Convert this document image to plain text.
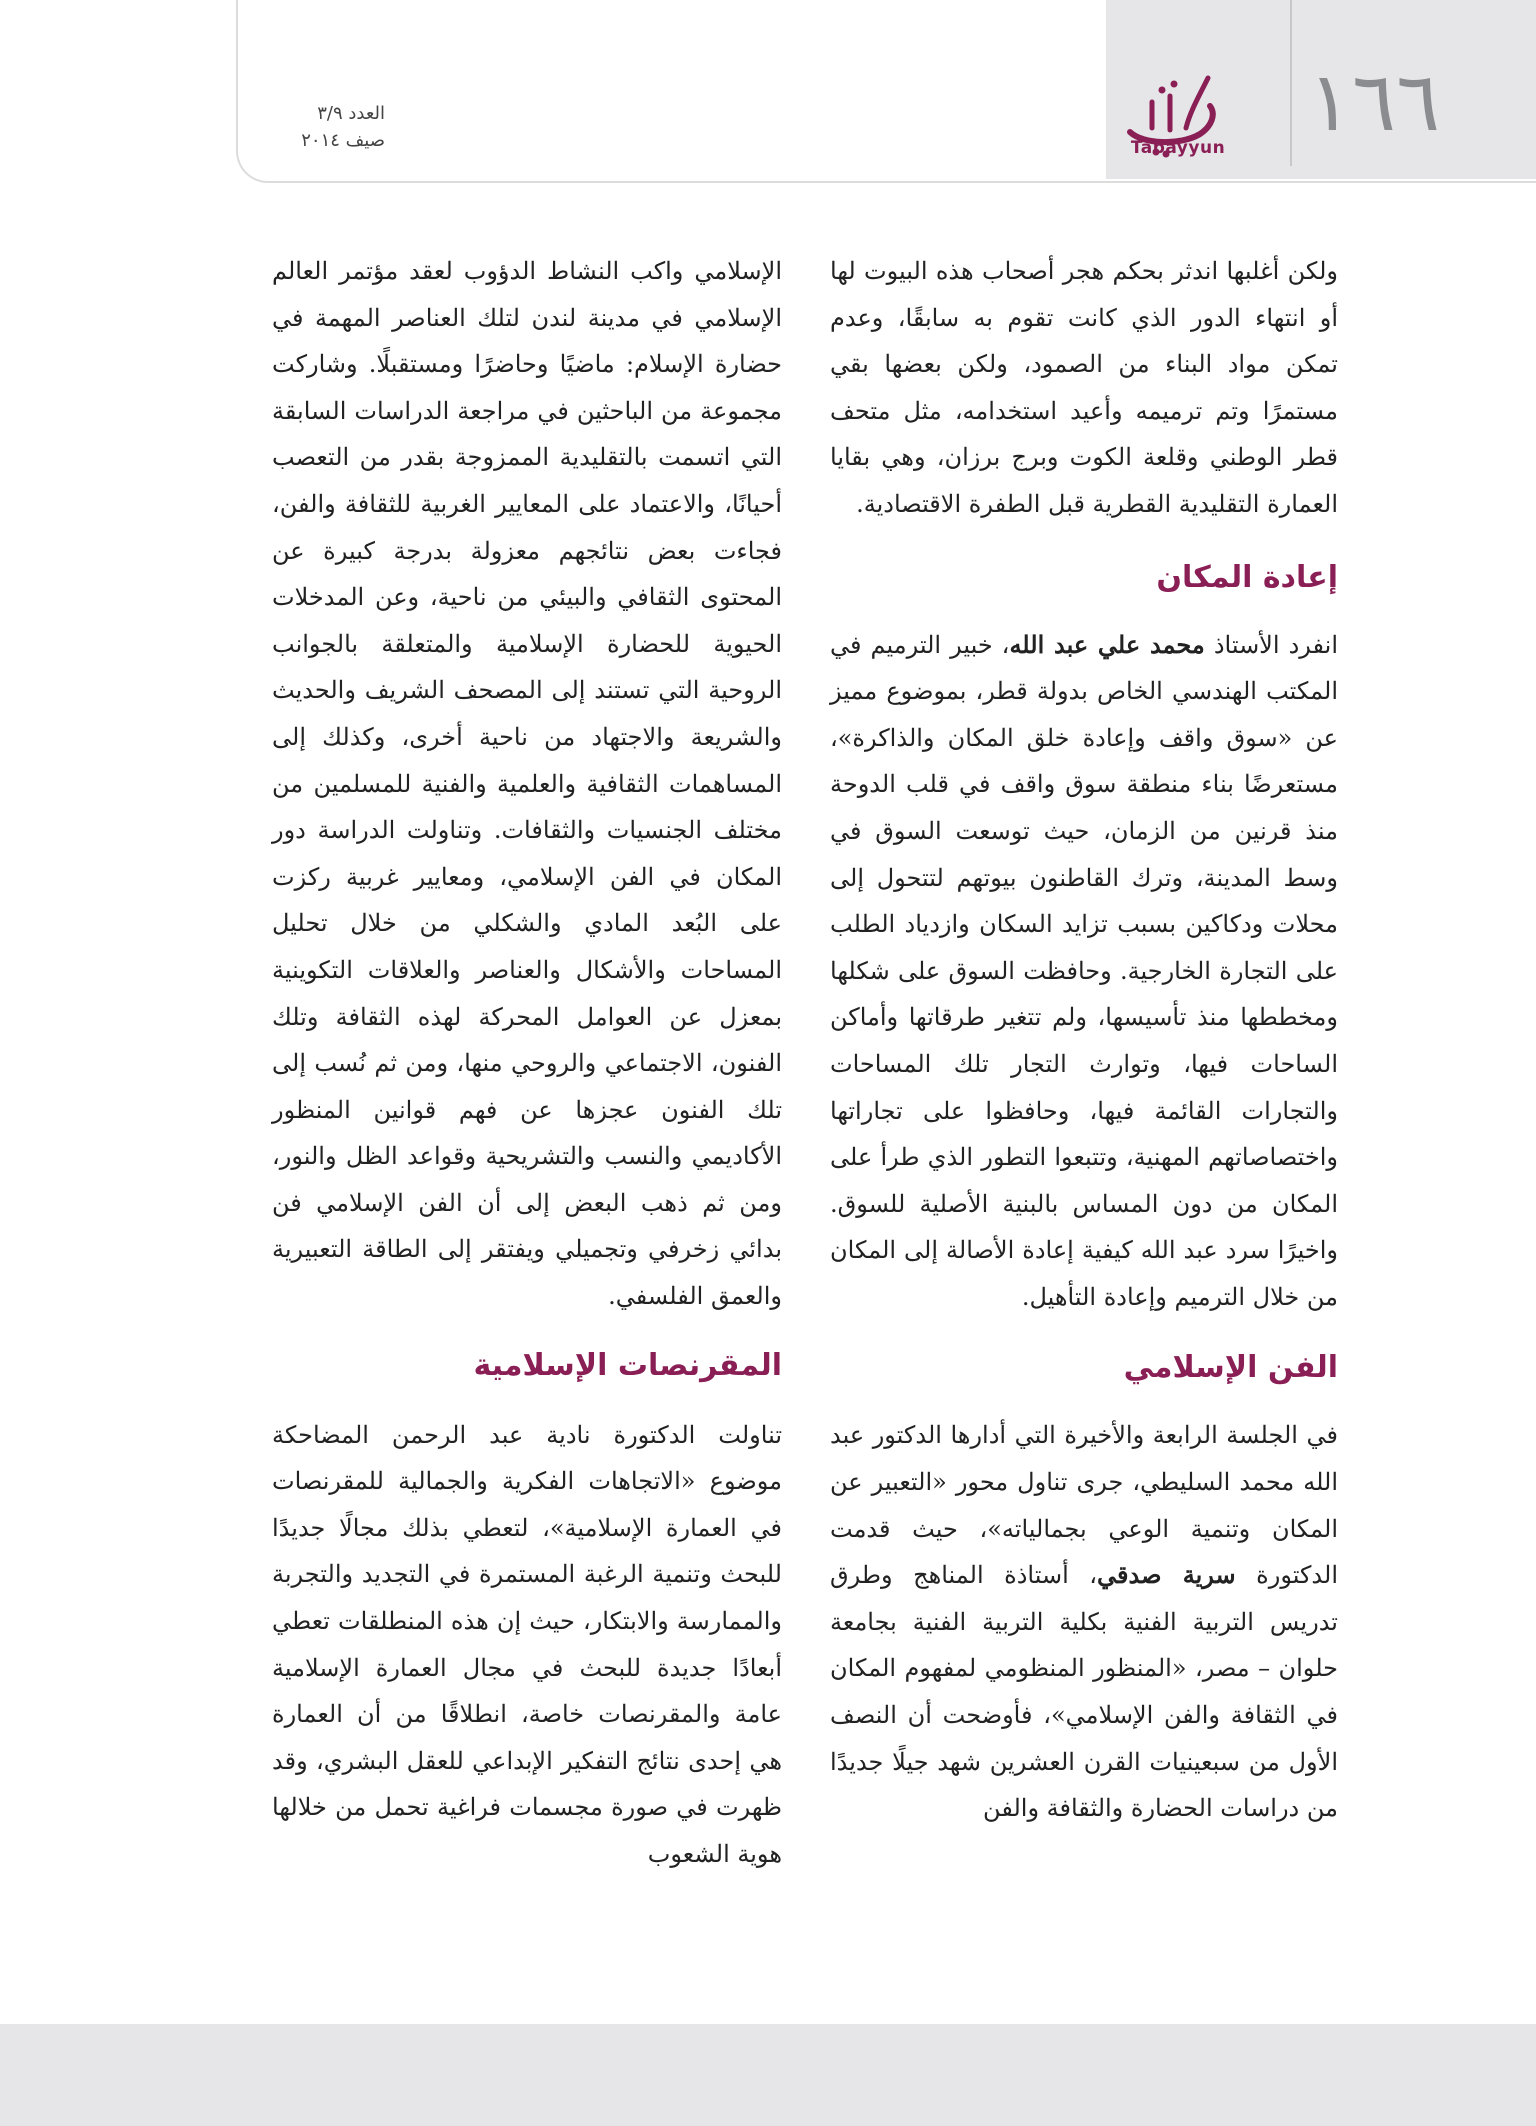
١٦٦
Tabayyun
العدد ٣/٩
صيف ٢٠١٤

ولكن أغلبها اندثر بحكم هجر أصحاب هذه البيوت لها أو انتهاء الدور الذي كانت تقوم به سابقًا، وعدم تمكن مواد البناء من الصمود، ولكن بعضها بقي مستمرًا وتم ترميمه وأعيد استخدامه، مثل متحف قطر الوطني وقلعة الكوت وبرج برزان، وهي بقايا العمارة التقليدية القطرية قبل الطفرة الاقتصادية.

إعادة المكان

انفرد الأستاذ محمد علي عبد الله، خبير الترميم في المكتب الهندسي الخاص بدولة قطر، بموضوع مميز عن «سوق واقف وإعادة خلق المكان والذاكرة»، مستعرضًا بناء منطقة سوق واقف في قلب الدوحة منذ قرنين من الزمان، حيث توسعت السوق في وسط المدينة، وترك القاطنون بيوتهم لتتحول إلى محلات ودكاكين بسبب تزايد السكان وازدياد الطلب على التجارة الخارجية. وحافظت السوق على شكلها ومخططها منذ تأسيسها، ولم تتغير طرقاتها وأماكن الساحات فيها، وتوارث التجار تلك المساحات والتجارات القائمة فيها، وحافظوا على تجاراتها واختصاصاتهم المهنية، وتتبعوا التطور الذي طرأ على المكان من دون المساس بالبنية الأصلية للسوق. واخيرًا سرد عبد الله كيفية إعادة الأصالة إلى المكان من خلال الترميم وإعادة التأهيل.

الفن الإسلامي

في الجلسة الرابعة والأخيرة التي أدارها الدكتور عبد الله محمد السليطي، جرى تناول محور «التعبير عن المكان وتنمية الوعي بجمالياته»، حيث قدمت الدكتورة سرية صدقي، أستاذة المناهج وطرق تدريس التربية الفنية بكلية التربية الفنية بجامعة حلوان – مصر، «المنظور المنظومي لمفهوم المكان في الثقافة والفن الإسلامي»، فأوضحت أن النصف الأول من سبعينيات القرن العشرين شهد جيلًا جديدًا من دراسات الحضارة والثقافة والفن

الإسلامي واكب النشاط الدؤوب لعقد مؤتمر العالم الإسلامي في مدينة لندن لتلك العناصر المهمة في حضارة الإسلام: ماضيًا وحاضرًا ومستقبلًا. وشاركت مجموعة من الباحثين في مراجعة الدراسات السابقة التي اتسمت بالتقليدية الممزوجة بقدر من التعصب أحيانًا، والاعتماد على المعايير الغربية للثقافة والفن، فجاءت بعض نتائجهم معزولة بدرجة كبيرة عن المحتوى الثقافي والبيئي من ناحية، وعن المدخلات الحيوية للحضارة الإسلامية والمتعلقة بالجوانب الروحية التي تستند إلى المصحف الشريف والحديث والشريعة والاجتهاد من ناحية أخرى، وكذلك إلى المساهمات الثقافية والعلمية والفنية للمسلمين من مختلف الجنسيات والثقافات. وتناولت الدراسة دور المكان في الفن الإسلامي، ومعايير غربية ركزت على البُعد المادي والشكلي من خلال تحليل المساحات والأشكال والعناصر والعلاقات التكوينية بمعزل عن العوامل المحركة لهذه الثقافة وتلك الفنون، الاجتماعي والروحي منها، ومن ثم نُسب إلى تلك الفنون عجزها عن فهم قوانين المنظور الأكاديمي والنسب والتشريحية وقواعد الظل والنور، ومن ثم ذهب البعض إلى أن الفن الإسلامي فن بدائي زخرفي وتجميلي ويفتقر إلى الطاقة التعبيرية والعمق الفلسفي.

المقرنصات الإسلامية

تناولت الدكتورة نادية عبد الرحمن المضاحكة موضوع «الاتجاهات الفكرية والجمالية للمقرنصات في العمارة الإسلامية»، لتعطي بذلك مجالًا جديدًا للبحث وتنمية الرغبة المستمرة في التجديد والتجربة والممارسة والابتكار، حيث إن هذه المنطلقات تعطي أبعادًا جديدة للبحث في مجال العمارة الإسلامية عامة والمقرنصات خاصة، انطلاقًا من أن العمارة هي إحدى نتائج التفكير الإبداعي للعقل البشري، وقد ظهرت في صورة مجسمات فراغية تحمل من خلالها هوية الشعوب
